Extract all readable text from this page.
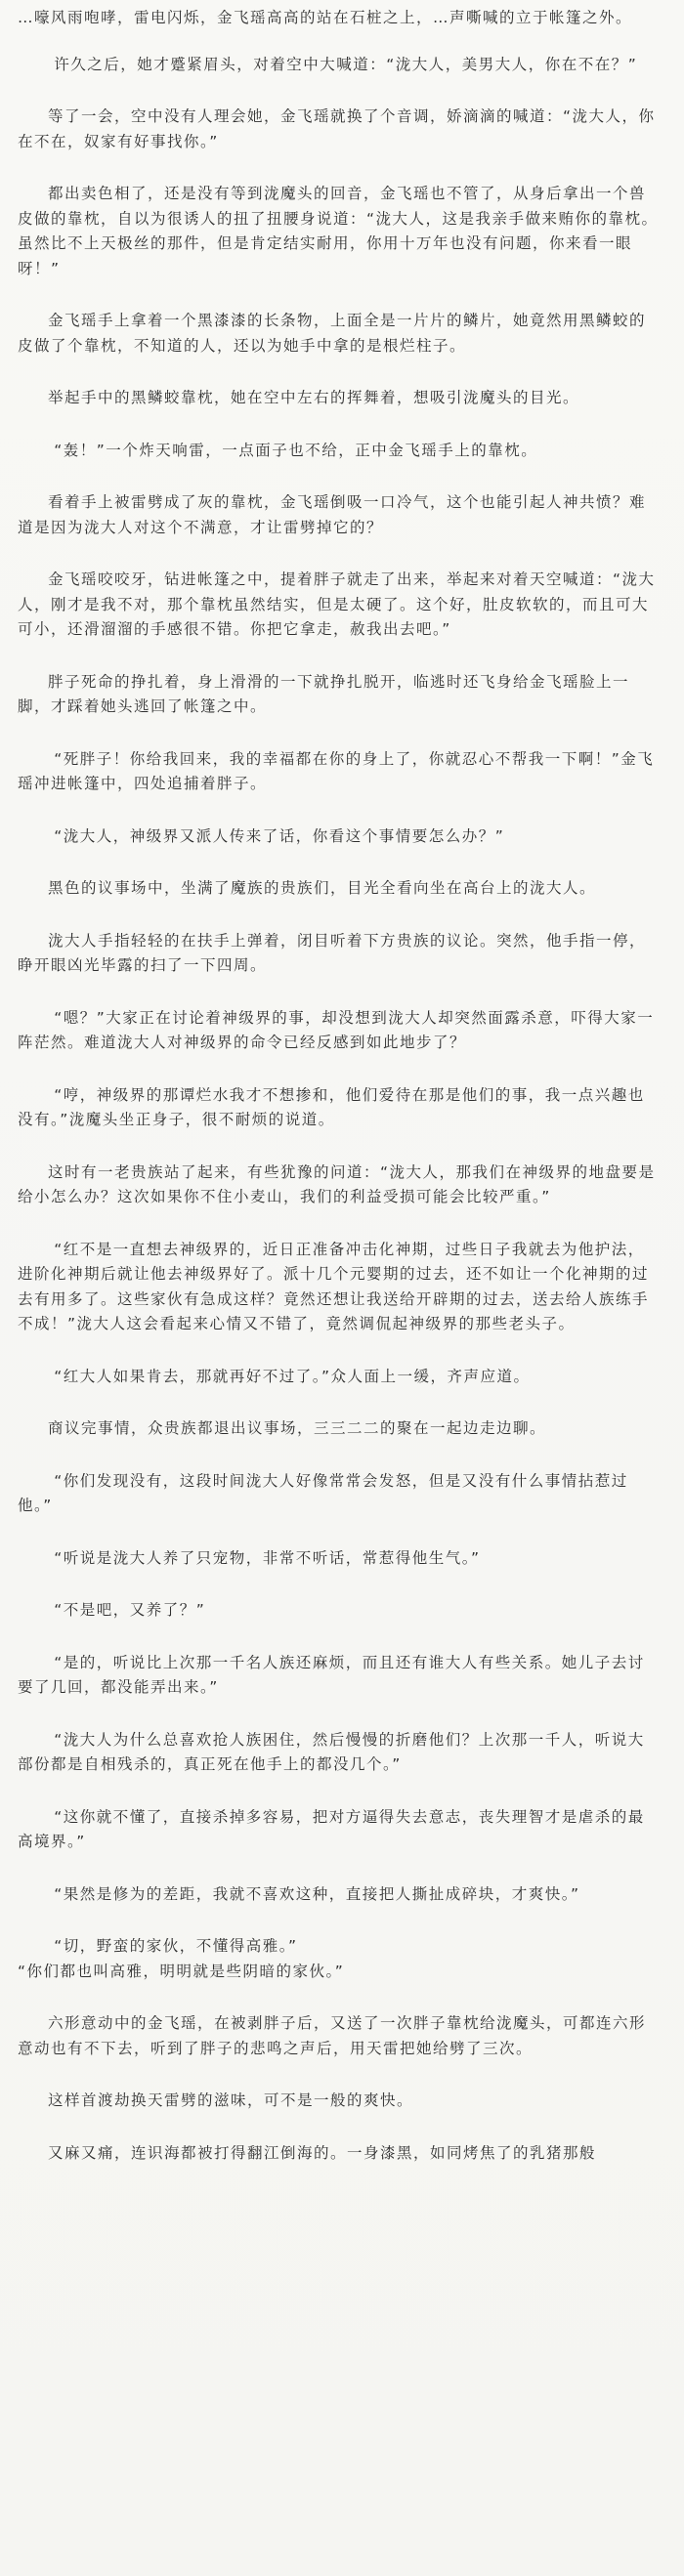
…嚎风雨咆哮，雷电闪烁，金飞瑶高高的站在石桩之上，…声嘶喊的立于帐篷之外。

许久之后，她才蹙紧眉头，对着空中大喊道：“泷大人，美男大人，你在不在？”

等了一会，空中没有人理会她，金飞瑶就换了个音调，娇滴滴的喊道：“泷大人，你在不在，奴家有好事找你。”

都出卖色相了，还是没有等到泷魔头的回音，金飞瑶也不管了，从身后拿出一个兽皮做的靠枕，自以为很诱人的扭了扭腰身说道：“泷大人，这是我亲手做来贿你的靠枕。虽然比不上天极丝的那件，但是肯定结实耐用，你用十万年也没有问题，你来看一眼呀！”

金飞瑶手上拿着一个黑漆漆的长条物，上面全是一片片的鳞片，她竟然用黑鳞蛟的皮做了个靠枕，不知道的人，还以为她手中拿的是根烂柱子。

举起手中的黑鳞蛟靠枕，她在空中左右的挥舞着，想吸引泷魔头的目光。

“轰！”一个炸天响雷，一点面子也不给，正中金飞瑶手上的靠枕。

看着手上被雷劈成了灰的靠枕，金飞瑶倒吸一口冷气，这个也能引起人神共愤？难道是因为泷大人对这个不满意，才让雷劈掉它的？

金飞瑶咬咬牙，钻进帐篷之中，提着胖子就走了出来，举起来对着天空喊道：“泷大人，刚才是我不对，那个靠枕虽然结实，但是太硬了。这个好，肚皮软软的，而且可大可小，还滑溜溜的手感很不错。你把它拿走，赦我出去吧。”

胖子死命的挣扎着，身上滑滑的一下就挣扎脱开，临逃时还飞身给金飞瑶脸上一脚，才踩着她头逃回了帐篷之中。

“死胖子！你给我回来，我的幸福都在你的身上了，你就忍心不帮我一下啊！”金飞瑶冲进帐篷中，四处追捕着胖子。

“泷大人，神级界又派人传来了话，你看这个事情要怎么办？”

黑色的议事场中，坐满了魔族的贵族们，目光全看向坐在高台上的泷大人。

泷大人手指轻轻的在扶手上弹着，闭目听着下方贵族的议论。突然，他手指一停，睁开眼凶光毕露的扫了一下四周。

“嗯？”大家正在讨论着神级界的事，却没想到泷大人却突然面露杀意，吓得大家一阵茫然。难道泷大人对神级界的命令已经反感到如此地步了？

“哼，神级界的那谭烂水我才不想掺和，他们爱待在那是他们的事，我一点兴趣也没有。”泷魔头坐正身子，很不耐烦的说道。

这时有一老贵族站了起来，有些犹豫的问道：“泷大人，那我们在神级界的地盘要是给小怎么办？这次如果你不住小麦山，我们的利益受损可能会比较严重。”

“红不是一直想去神级界的，近日正准备冲击化神期，过些日子我就去为他护法，进阶化神期后就让他去神级界好了。派十几个元婴期的过去，还不如让一个化神期的过去有用多了。这些家伙有急成这样？竟然还想让我送给开辟期的过去，送去给人族练手不成！”泷大人这会看起来心情又不错了，竟然调侃起神级界的那些老头子。

“红大人如果肯去，那就再好不过了。”众人面上一缓，齐声应道。

商议完事情，众贵族都退出议事场，三三二二的聚在一起边走边聊。

“你们发现没有，这段时间泷大人好像常常会发怒，但是又没有什么事情拈惹过他。”

“听说是泷大人养了只宠物，非常不听话，常惹得他生气。”

“不是吧，又养了？”

“是的，听说比上次那一千名人族还麻烦，而且还有谁大人有些关系。她儿子去讨要了几回，都没能弄出来。”

“泷大人为什么总喜欢抢人族困住，然后慢慢的折磨他们？上次那一千人，听说大部份都是自相残杀的，真正死在他手上的都没几个。”

“这你就不懂了，直接杀掉多容易，把对方逼得失去意志，丧失理智才是虐杀的最高境界。”

“果然是修为的差距，我就不喜欢这种，直接把人撕扯成碎块，才爽快。”

“切，野蛮的家伙，不懂得高雅。”
“你们都也叫高雅，明明就是些阴暗的家伙。”

六形意动中的金飞瑶，在被剥胖子后，又送了一次胖子靠枕给泷魔头，可都连六形意动也有不下去，听到了胖子的悲鸣之声后，用天雷把她给劈了三次。

这样首渡劫换天雷劈的滋味，可不是一般的爽快。

又麻又痛，连识海都被打得翻江倒海的。一身漆黑，如同烤焦了的乳猪那般
